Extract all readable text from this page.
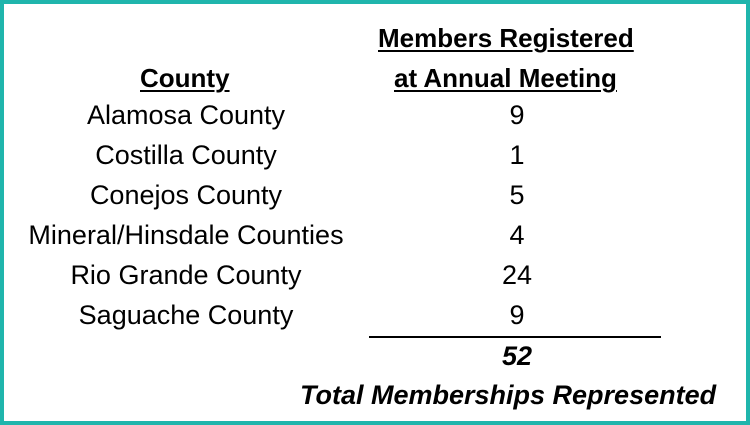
County
Members Registered
at Annual Meeting
Alamosa County	9
Costilla County	1
Conejos County	5
Mineral/Hinsdale Counties	4
Rio Grande County	24
Saguache County	9
52
Total Memberships Represented
